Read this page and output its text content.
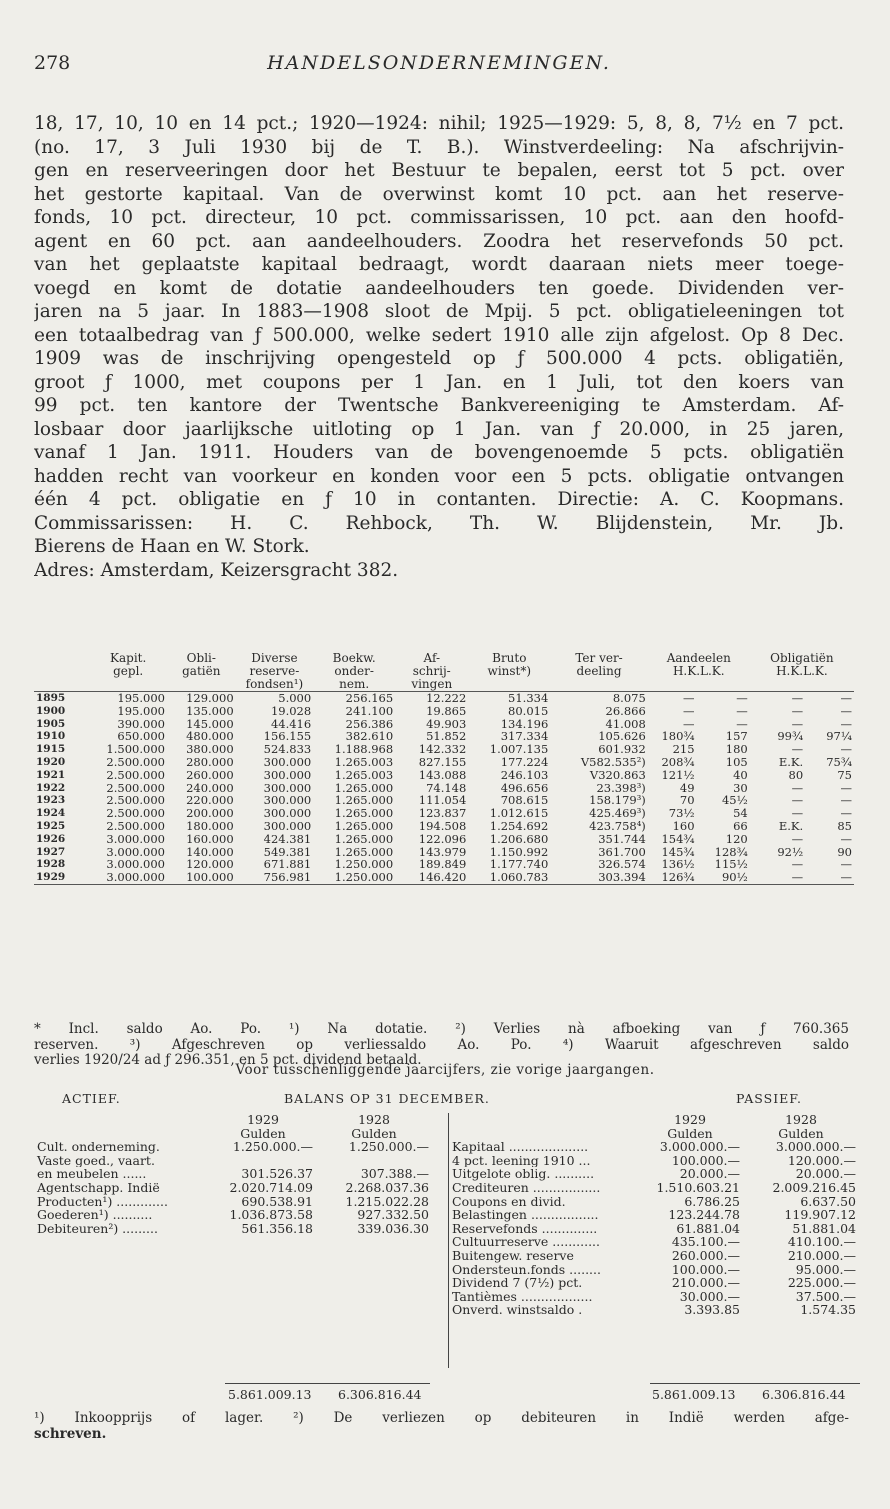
278	HANDELSONDERNEMINGEN.
18, 17, 10, 10 en 14 pct.; 1920—1924: nihil; 1925—1929: 5, 8, 8, 7½ en 7 pct.
(no. 17, 3 Juli 1930 bij de T. B.). Winstverdeeling: Na afschrijvin-
gen en reserveeringen door het Bestuur te bepalen, eerst tot 5 pct. over
het gestorte kapitaal. Van de overwinst komt 10 pct. aan het reserve-
fonds, 10 pct. directeur, 10 pct. commissarissen, 10 pct. aan den hoofd-
agent en 60 pct. aan aandeelhouders. Zoodra het reservefonds 50 pct.
van het geplaatste kapitaal bedraagt, wordt daaraan niets meer toege-
voegd en komt de dotatie aandeelhouders ten goede. Dividenden ver-
jaren na 5 jaar. In 1883—1908 sloot de Mpij. 5 pct. obligatieleeningen tot
een totaalbedrag van ƒ 500.000, welke sedert 1910 alle zijn afgelost. Op 8 Dec.
1909 was de inschrijving opengesteld op ƒ 500.000 4 pcts. obligatiën,
groot ƒ 1000, met coupons per 1 Jan. en 1 Juli, tot den koers van
99 pct. ten kantore der Twentsche Bankvereeniging te Amsterdam. Af-
losbaar door jaarlijksche uitloting op 1 Jan. van ƒ 20.000, in 25 jaren,
vanaf 1 Jan. 1911. Houders van de bovengenoemde 5 pcts. obligatiën
hadden recht van voorkeur en konden voor een 5 pcts. obligatie ontvangen
één 4 pct. obligatie en ƒ 10 in contanten. Directie: A. C. Koopmans.
Commissarissen: H. C. Rehbock, Th. W. Blijdenstein, Mr. Jb.
Bierens de Haan en W. Stork.
Adres: Amsterdam, Keizersgracht 382.
	Kapit.	Obli-	Diverse	Boekw.	Af-	Bruto	Ter ver-	Aandeelen		Obligatiën	
	gepl.	gatiën	reserve-	onder-	schrij-	winst*)	deeling	H.K.L.K.		H.K.L.K.	
			fondsen¹)	nem.	vingen						
1895	195.000	129.000	5.000	256.165	12.222	51.334	8.075	—	—	—	—
1900	195.000	135.000	19.028	241.100	19.865	80.015	26.866	—	—	—	—
1905	390.000	145.000	44.416	256.386	49.903	134.196	41.008	—	—	—	—
1910	650.000	480.000	156.155	382.610	51.852	317.334	105.626	180¾	157	99¾	97¼
1915	1.500.000	380.000	524.833	1.188.968	142.332	1.007.135	601.932	215	180	—	—
1920	2.500.000	280.000	300.000	1.265.003	827.155	177.224	V582.535²)	208¾	105	E.K.	75¾
1921	2.500.000	260.000	300.000	1.265.003	143.088	246.103	V320.863	121½	40	80	75
1922	2.500.000	240.000	300.000	1.265.000	74.148	496.656	23.398³)	49	30	—	—
1923	2.500.000	220.000	300.000	1.265.000	111.054	708.615	158.179³)	70	45½	—	—
1924	2.500.000	200.000	300.000	1.265.000	123.837	1.012.615	425.469³)	73½	54	—	—
1925	2.500.000	180.000	300.000	1.265.000	194.508	1.254.692	423.758⁴)	160	66	E.K.	85
1926	3.000.000	160.000	424.381	1.265.000	122.096	1.206.680	351.744	154¾	120	—	—
1927	3.000.000	140.000	549.381	1.265.000	143.979	1.150.992	361.700	145¾	128¾	92½	90
1928	3.000.000	120.000	671.881	1.250.000	189.849	1.177.740	326.574	136½	115½	—	—
1929	3.000.000	100.000	756.981	1.250.000	146.420	1.060.783	303.394	126¾	90½	—	—
* Incl. saldo Ao. Po. ¹) Na dotatie. ²) Verlies nà afboeking van ƒ 760.365
reserven. ³) Afgeschreven op verliessaldo Ao. Po. ⁴) Waaruit afgeschreven saldo
verlies 1920/24 ad ƒ 296.351, en 5 pct. dividend betaald.
Voor tusschenliggende jaarcijfers, zie vorige jaargangen.
ACTIEF.	BALANS OP 31 DECEMBER.	PASSIEF.
	1929	1928
	Gulden	Gulden
Cult. onderneming.	1.250.000.—	1.250.000.—
Vaste goed., vaart.		
en meubelen ......	301.526.37	307.388.—
Agentschapp. Indië	2.020.714.09	2.268.037.36
Producten¹) .............	690.538.91	1.215.022.28
Goederen¹) ..........	1.036.873.58	927.332.50
Debiteuren²) .........	561.356.18	339.036.30
	1929	1928
	Gulden	Gulden
Kapitaal ....................	3.000.000.—	3.000.000.—
4 pct. leening 1910 ...	100.000.—	120.000.—
Uitgelote oblig. ..........	20.000.—	20.000.—
Crediteuren .................	1.510.603.21	2.009.216.45
Coupons en divid.	6.786.25	6.637.50
Belastingen .................	123.244.78	119.907.12
Reservefonds ..............	61.881.04	51.881.04
Cultuurreserve ............	435.100.—	410.100.—
Buitengew. reserve	260.000.—	210.000.—
Ondersteun.fonds ........	100.000.—	95.000.—
Dividend 7 (7½) pct.	210.000.—	225.000.—
Tantièmes ..................	30.000.—	37.500.—
Onverd. winstsaldo .	3.393.85	1.574.35
5.861.009.13 6.306.816.44	5.861.009.13 6.306.816.44
¹) Inkoopprijs of lager. ²) De verliezen op debiteuren in Indië werden afge-
schreven.
